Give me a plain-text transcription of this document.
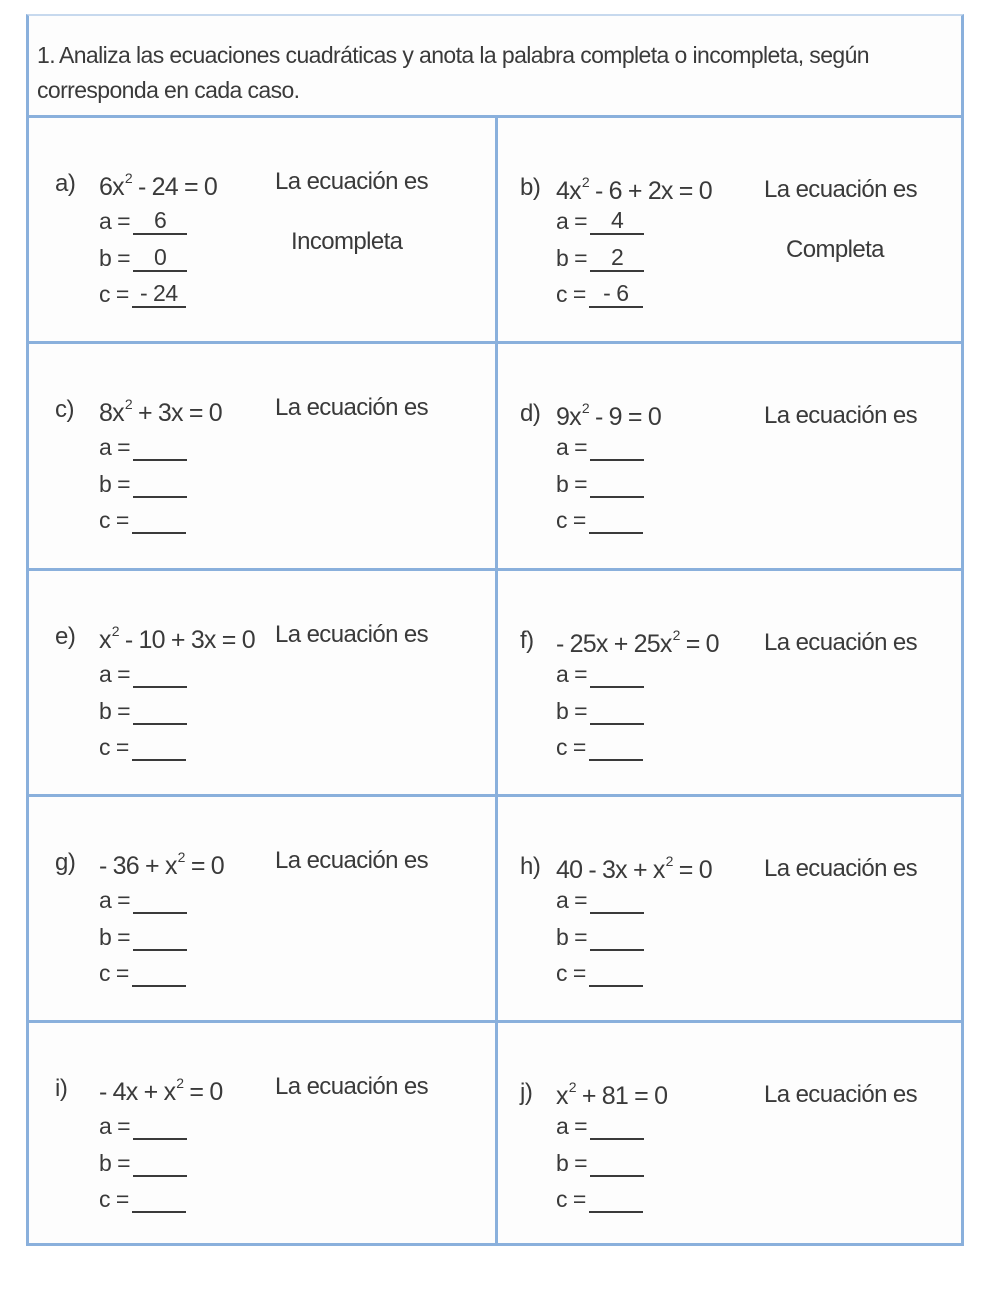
1. Analiza las ecuaciones cuadráticas y anota la palabra completa o incompleta, según corresponda en cada caso.
a) $6x^2 - 24 = 0$ La ecuación es
Incompleta
a = 6
b = 0
c = - 24
b) $4x^2 - 6 + 2x = 0$ La ecuación es
Completa
a = 4
b = 2
c = - 6
c) $8x^2 + 3x = 0$ La ecuación es
a =
b =
c =
d) $9x^2 - 9 = 0$	La ecuación es
a =
b =
c =
e) $x^2 - 10 + 3x = 0$ La ecuación es
a =
b =
c =
$f) - 25x + 25x^2 = 0$ La ecuación es
a =
b =
c =
$g) - 36 + x^2 = 0$ La ecuación es
a =
b =
c =
h) $40 - 3x + x^2 = 0$ La ecuación es
a =
b =
c =
$i) - 4x + x^2 = 0$ La ecuación es
a =
b =
c =
j) $x^2 + 81 = 0$	La ecuación es
a =
b =
c =
